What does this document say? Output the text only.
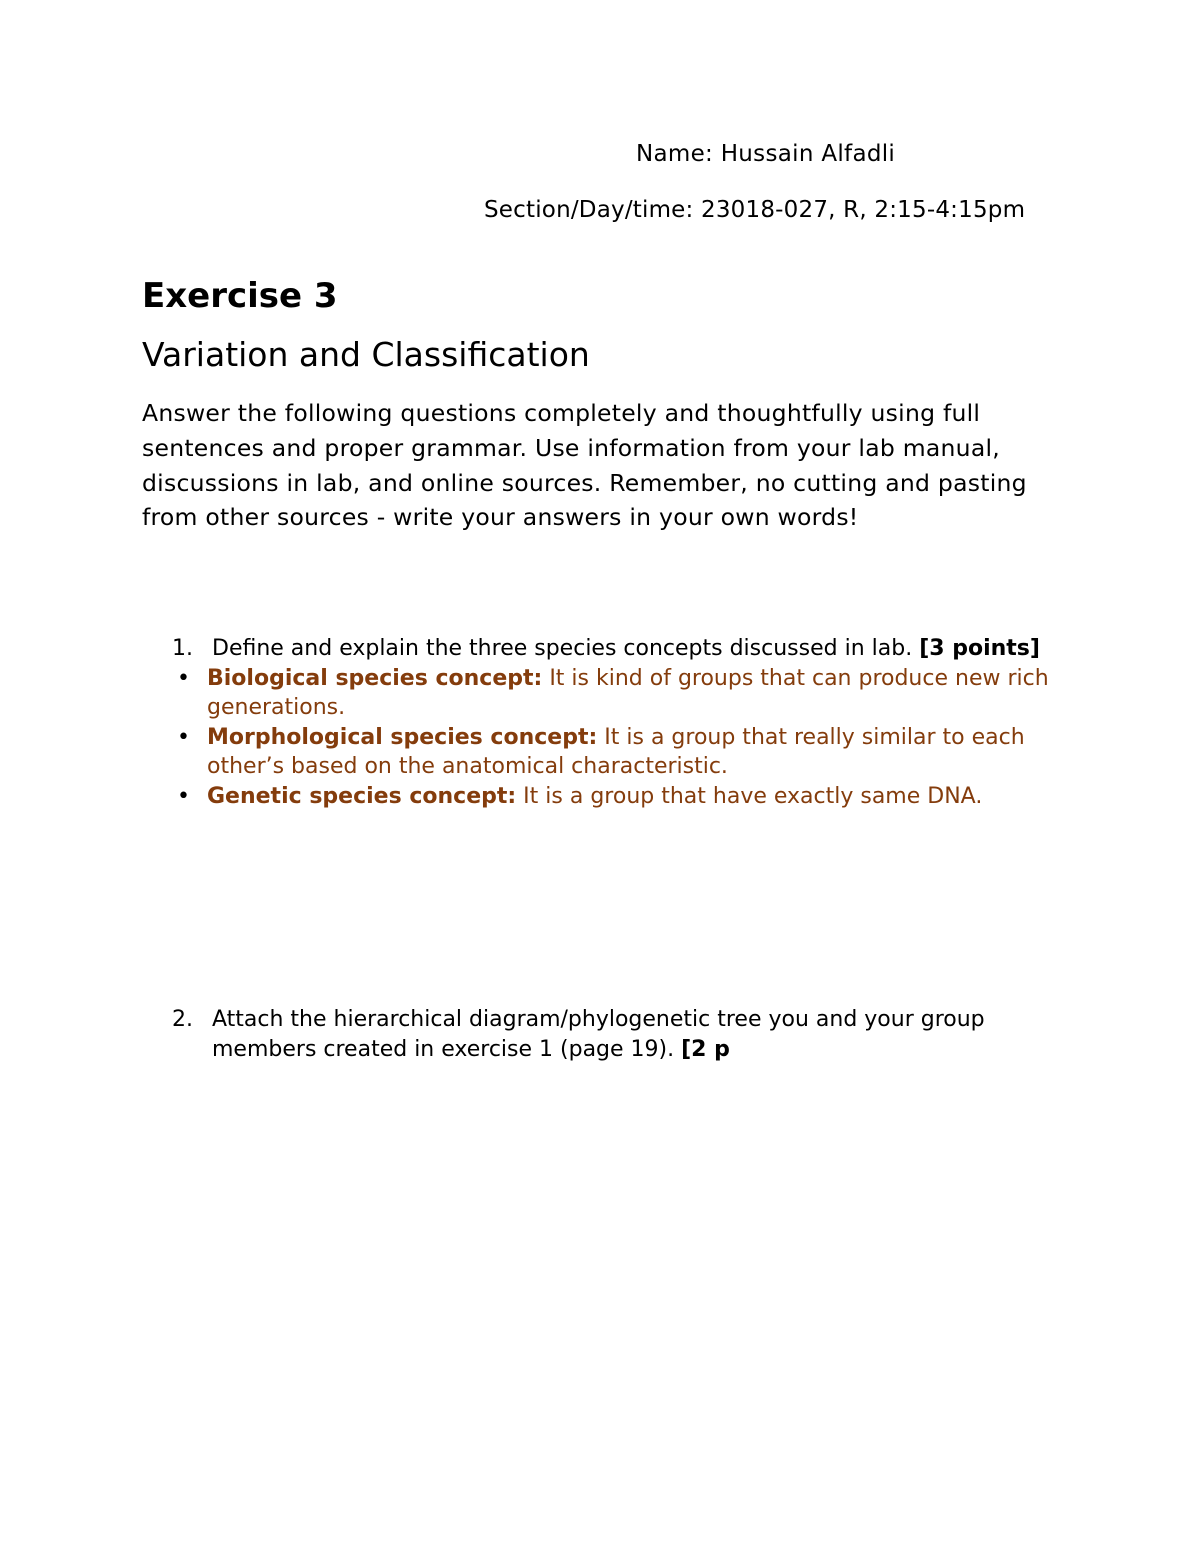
Name: Hussain Alfadli
Section/Day/time: 23018-027, R, 2:15-4:15pm
Exercise 3
Variation and Classification
Answer the following questions completely and thoughtfully using full sentences and proper grammar. Use information from your lab manual, discussions in lab, and online sources. Remember, no cutting and pasting from other sources - write your answers in your own words!
1. Define and explain the three species concepts discussed in lab. [3 points]
• Biological species concept: It is kind of groups that can produce new rich generations.
• Morphological species concept: It is a group that really similar to each other’s based on the anatomical characteristic.
• Genetic species concept: It is a group that have exactly same DNA.
2. Attach the hierarchical diagram/phylogenetic tree you and your group members created in exercise 1 (page 19). [2 p
